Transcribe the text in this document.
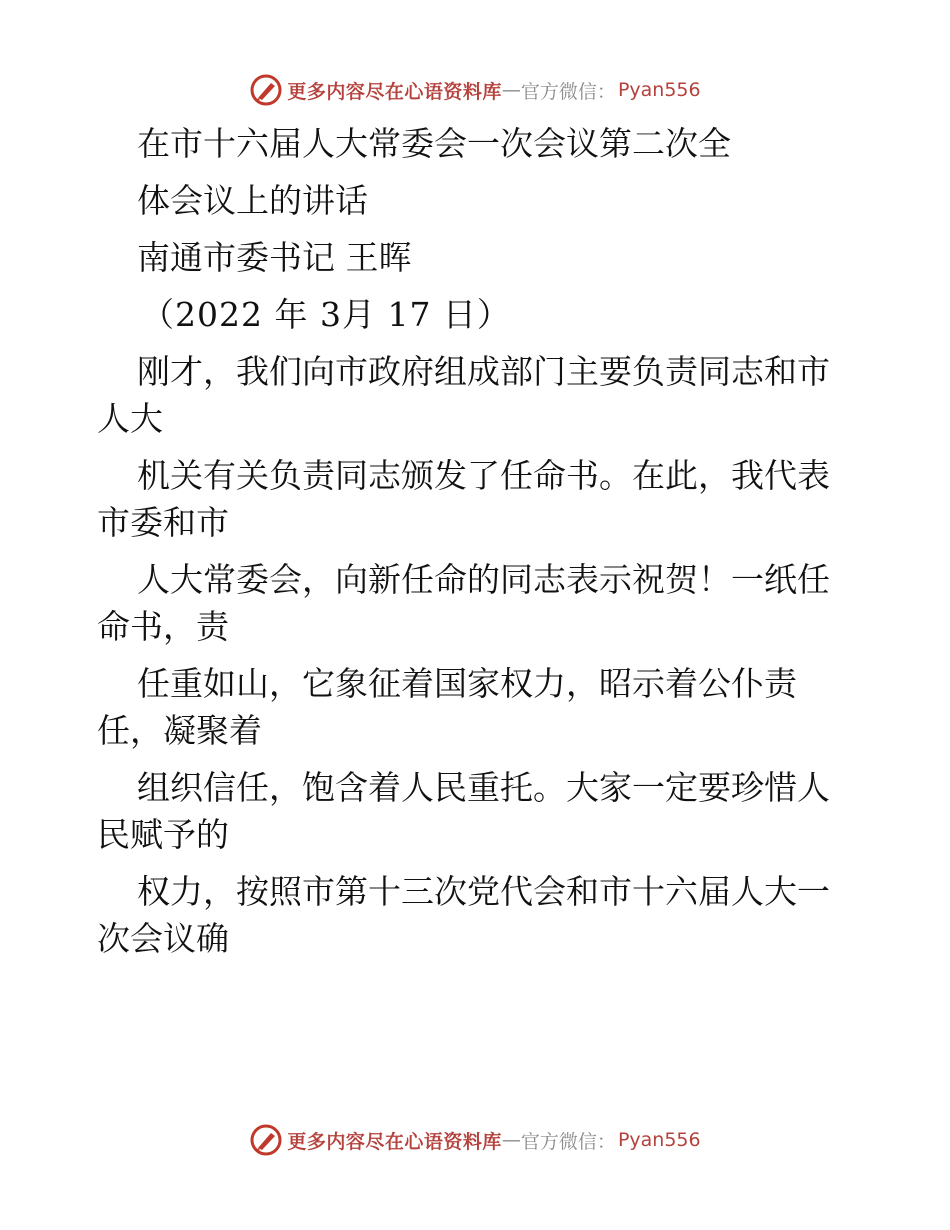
更多内容尽在心语资料库 — 官方微信： Pyan556
在市十六届人大常委会一次会议第二次全
体会议上的讲话
南通市委书记 王晖
（2022 年 3月 17 日）
刚才，我们向市政府组成部门主要负责同志和市
人大
机关有关负责同志颁发了任命书。在此，我代表
市委和市
人大常委会，向新任命的同志表示祝贺！一纸任
命书，责
任重如山，它象征着国家权力，昭示着公仆责
任，凝聚着
组织信任，饱含着人民重托。大家一定要珍惜人
民赋予的
权力，按照市第十三次党代会和市十六届人大一
次会议确
更多内容尽在心语资料库 — 官方微信： Pyan556
